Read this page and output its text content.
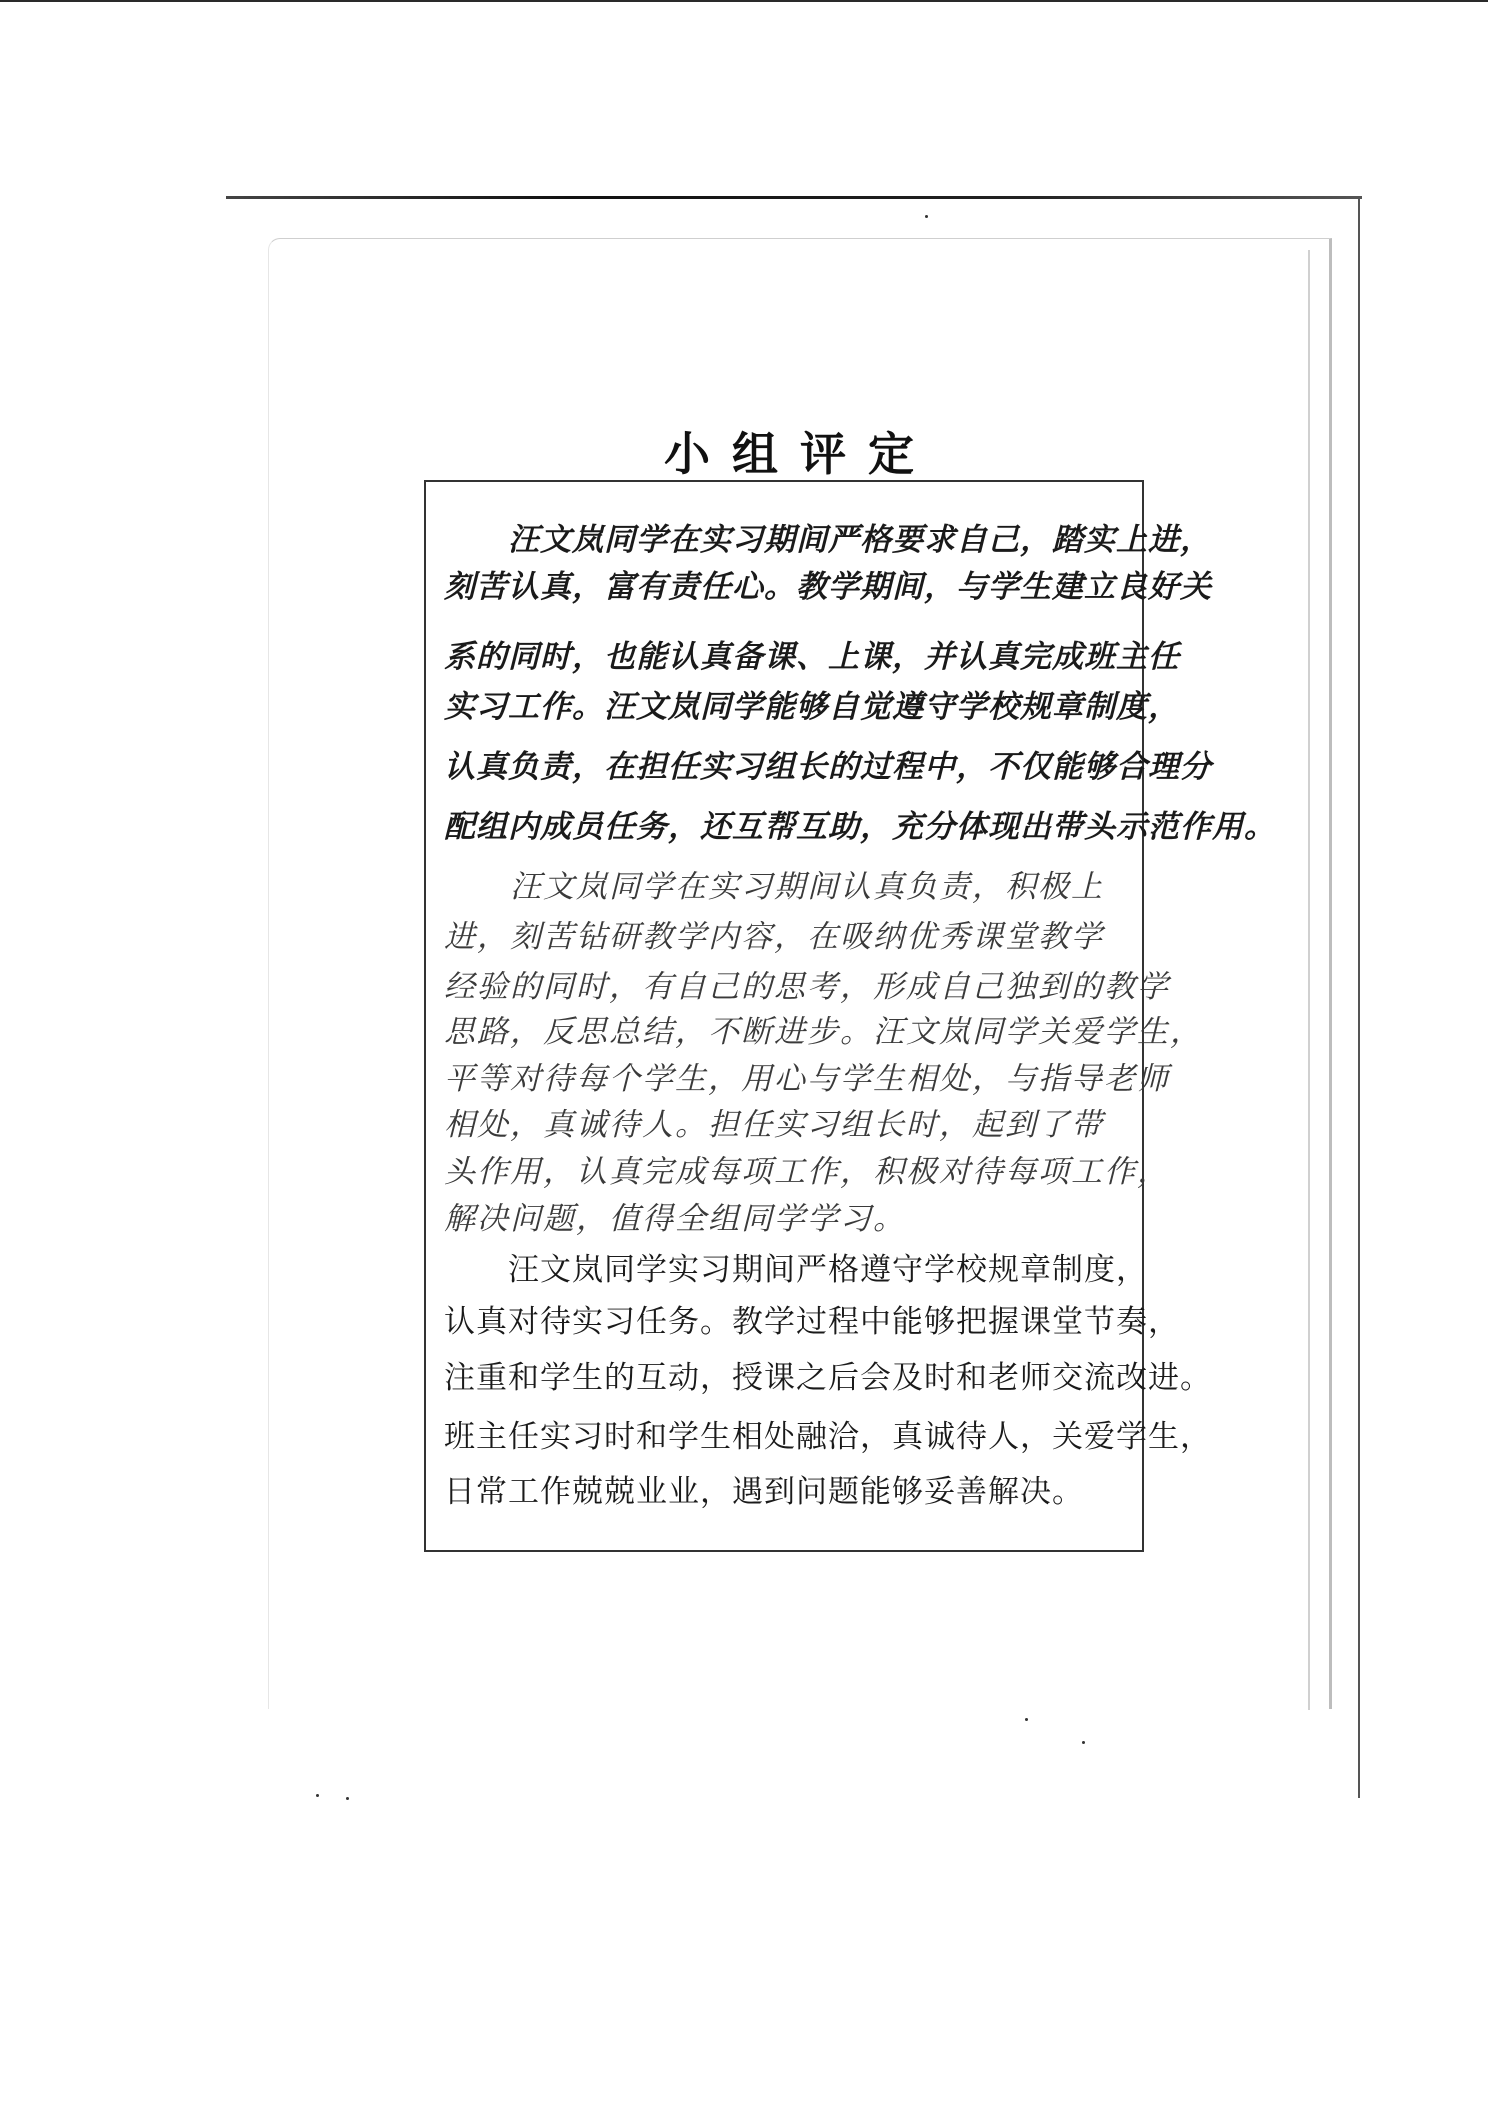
小组评定
　　汪文岚同学在实习期间严格要求自己，踏实上进，
刻苦认真，富有责任心。教学期间，与学生建立良好关
系的同时，也能认真备课、上课，并认真完成班主任
实习工作。汪文岚同学能够自觉遵守学校规章制度，
认真负责，在担任实习组长的过程中，不仅能够合理分
配组内成员任务，还互帮互助，充分体现出带头示范作用。
　　汪文岚同学在实习期间认真负责，积极上
进，刻苦钻研教学内容，在吸纳优秀课堂教学
经验的同时，有自己的思考，形成自己独到的教学
思路，反思总结，不断进步。汪文岚同学关爱学生，
平等对待每个学生，用心与学生相处，与指导老师
相处，真诚待人。担任实习组长时，起到了带
头作用，认真完成每项工作，积极对待每项工作，
解决问题，值得全组同学学习。
　　汪文岚同学实习期间严格遵守学校规章制度，
认真对待实习任务。教学过程中能够把握课堂节奏，
注重和学生的互动，授课之后会及时和老师交流改进。
班主任实习时和学生相处融洽，真诚待人，关爱学生，
日常工作兢兢业业，遇到问题能够妥善解决。
